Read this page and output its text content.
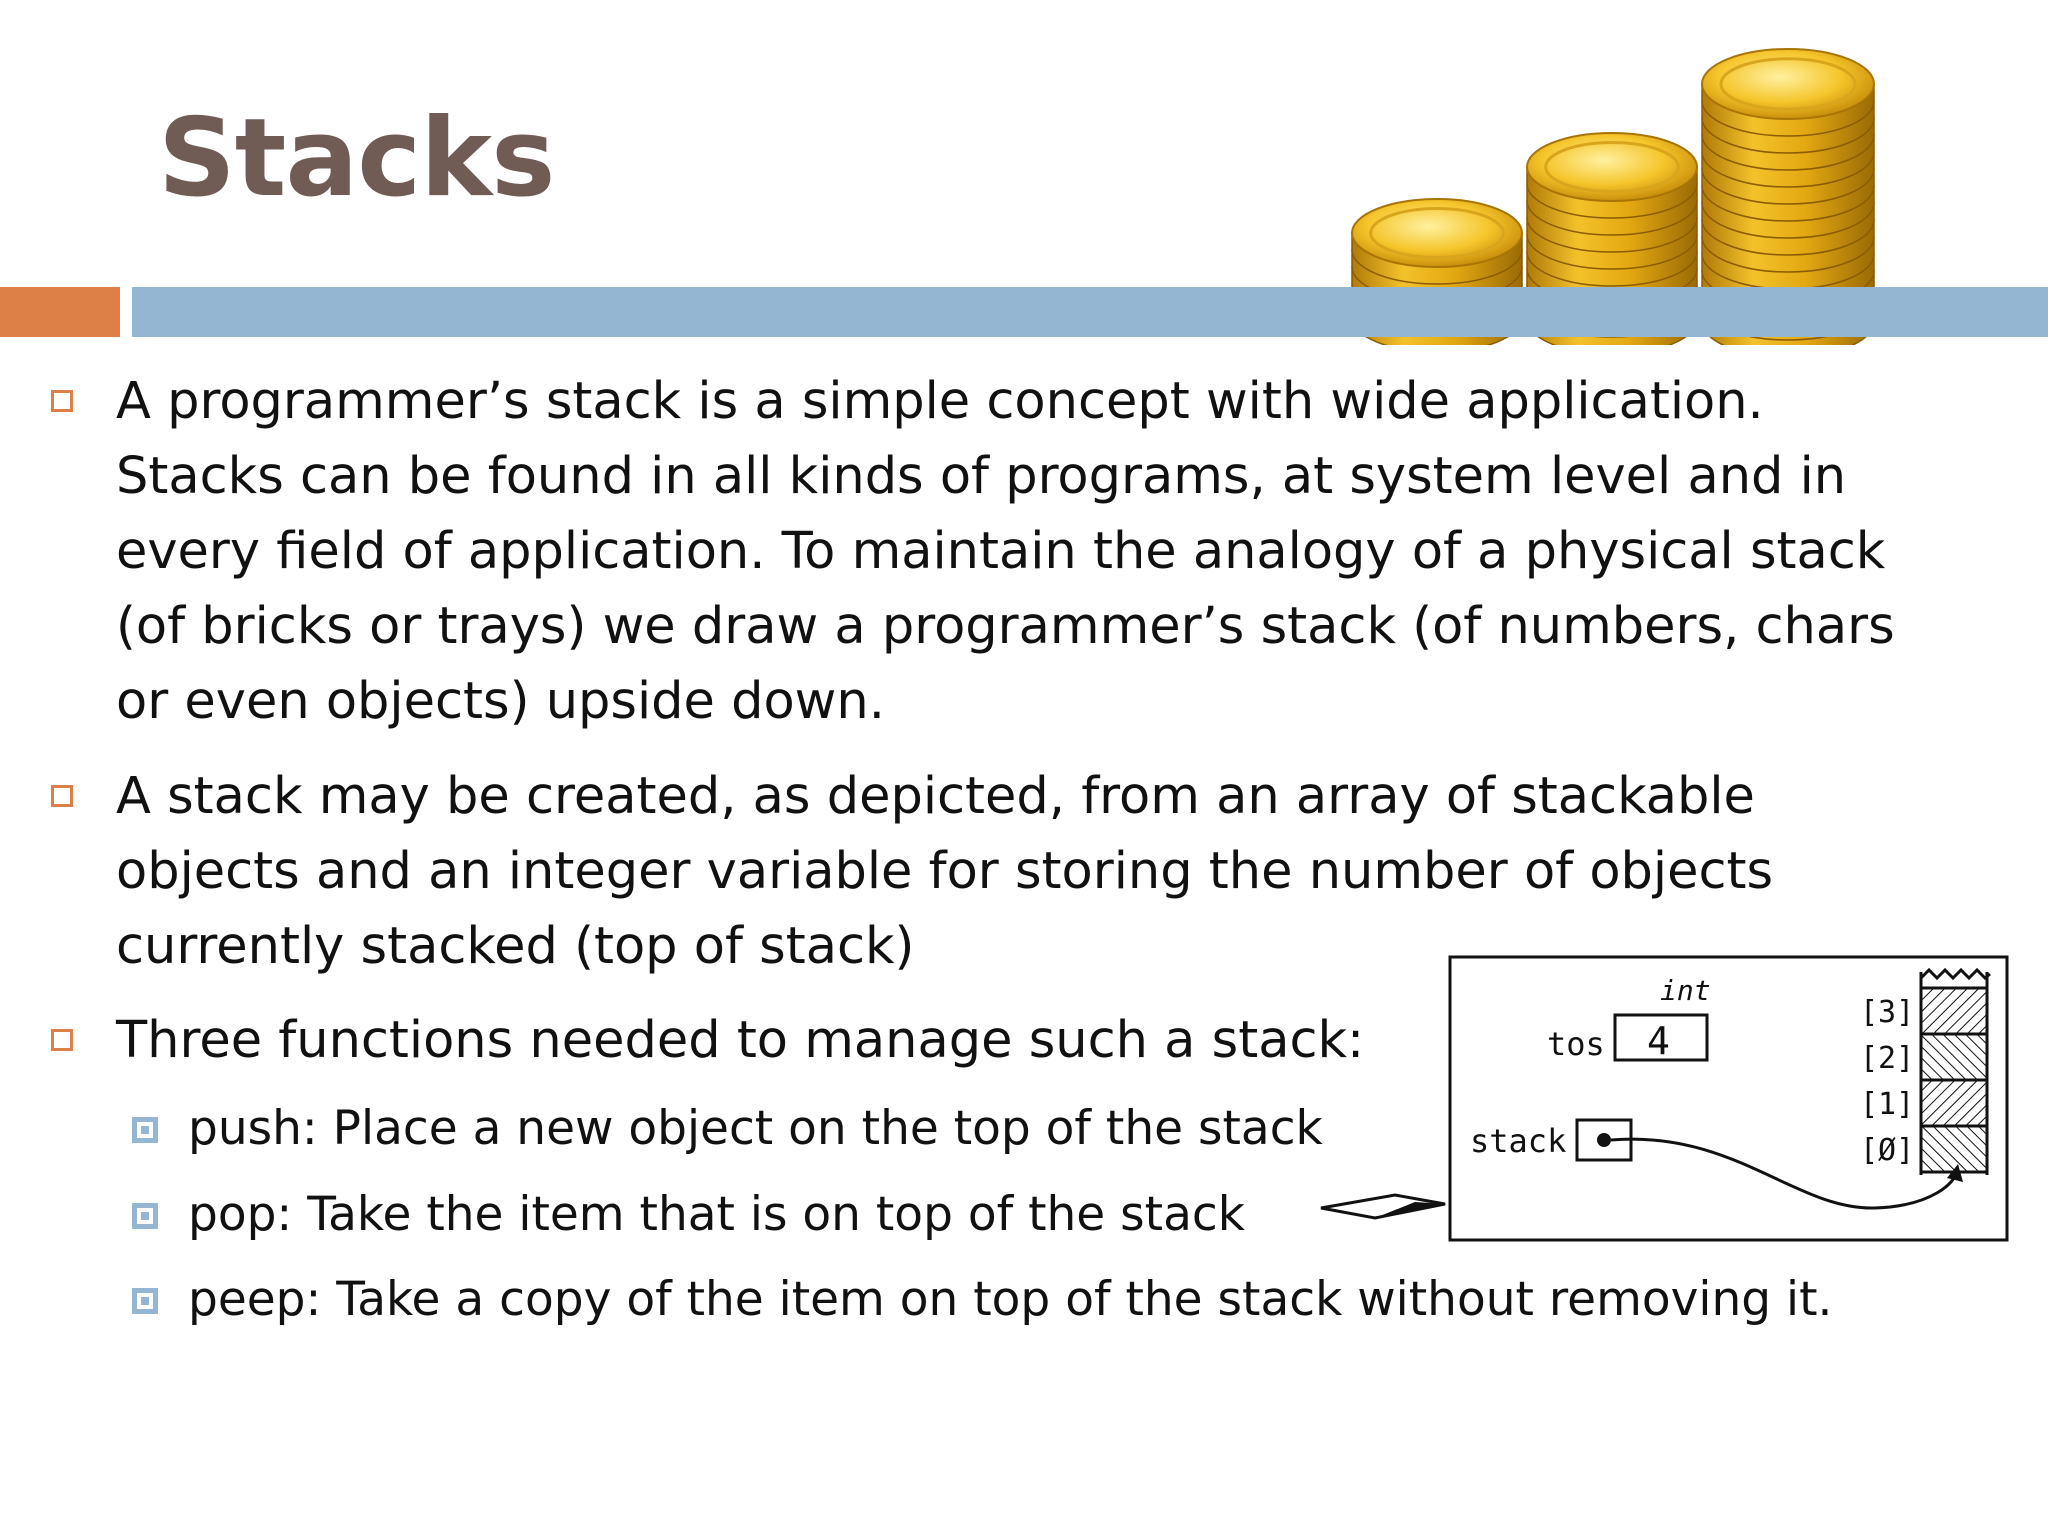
Stacks

A programmer’s stack is a simple concept with wide application. Stacks can be found in all kinds of programs, at system level and in every field of application. To maintain the analogy of a physical stack (of bricks or trays) we draw a programmer’s stack (of numbers, chars or even objects) upside down.

A stack may be created, as depicted, from an array of stackable objects and an integer variable for storing the number of objects currently stacked (top of stack)

Three functions needed to manage such a stack:

push: Place a new object on the top of the stack

pop: Take the item that is on top of the stack

peep: Take a copy of the item on top of the stack without removing it.

int
tos 4
stack
[3]
[2]
[1]
[Ø]
